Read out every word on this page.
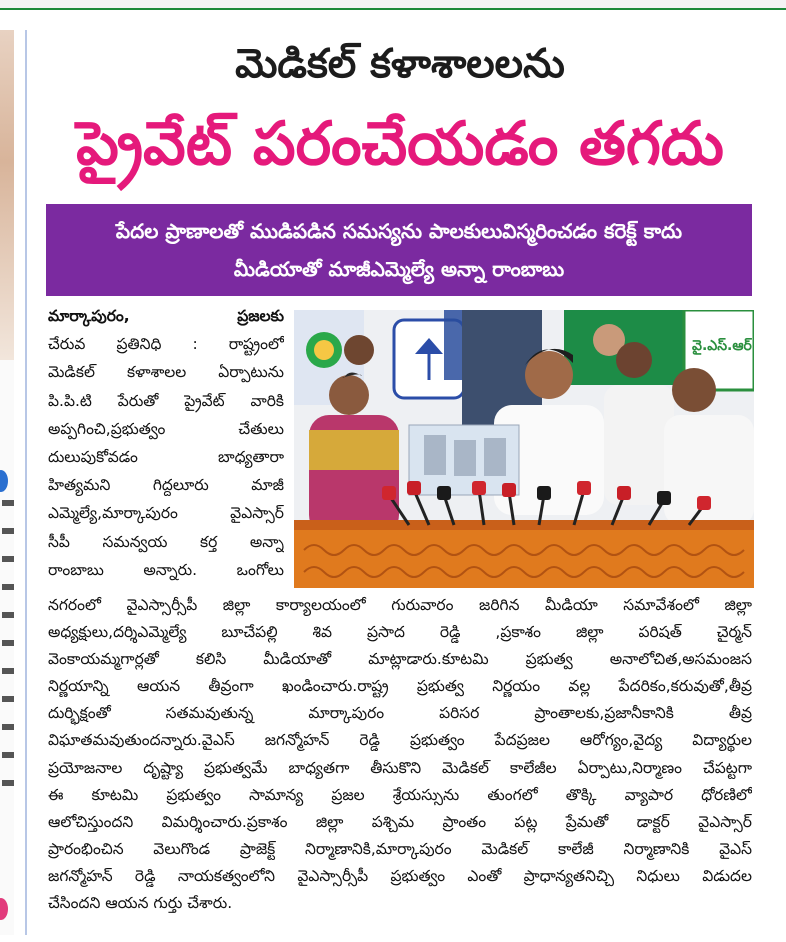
మెడికల్ కళాశాలలను
ప్రైవేట్ పరంచేయడం తగదు
పేదల ప్రాణాలతో ముడిపడిన సమస్యను పాలకులువిస్మరించడం కరెక్ట్ కాదు
మీడియాతో మాజీఎమ్మెల్యే అన్నా రాంబాబు
వై.ఎస్.ఆర్
మార్కాపురం, ప్రజలకు
చేరువ ప్రతినిధి : రాష్ట్రంలో
మెడికల్ కళాశాలల ఏర్పాటును
పి.పి.టి పేరుతో ప్రైవేట్ వారికి
అప్పగించి,ప్రభుత్వం చేతులు
దులుపుకోవడం బాధ్యతారా
హిత్యమని గిద్దలూరు మాజీ
ఎమ్మెల్యే,మార్కాపురం వైఎస్సార్
సీపీ సమన్వయ కర్త అన్నా
రాంబాబు అన్నారు. ఒంగోలు
నగరంలో వైఎస్సార్సీపీ జిల్లా కార్యాలయంలో గురువారం జరిగిన మీడియా సమావేశంలో జిల్లా
అధ్యక్షులు,దర్శిఎమ్మెల్యే బూచేపల్లి శివ ప్రసాద రెడ్డి ,ప్రకాశం జిల్లా పరిషత్ చైర్మన్
వెంకాయమ్మగార్లతో కలిసి మీడియాతో మాట్లాడారు.కూటమి ప్రభుత్వ అనాలోచిత,అసమంజస
నిర్ణయాన్ని ఆయన తీవ్రంగా ఖండించారు.రాష్ట్ర ప్రభుత్వ నిర్ణయం వల్ల పేదరికం,కరువుతో,తీవ్ర
దుర్భిక్షంతో సతమవుతున్న మార్కాపురం పరిసర ప్రాంతాలకు,ప్రజానీకానికి తీవ్ర
విఘాతమవుతుందన్నారు.వైఎస్ జగన్మోహన్ రెడ్డి ప్రభుత్వం పేదప్రజల ఆరోగ్యం,వైద్య విద్యార్థుల
ప్రయోజనాల దృష్ట్యా ప్రభుత్వమే బాధ్యతగా తీసుకొని మెడికల్ కాలేజీల ఏర్పాటు,నిర్మాణం చేపట్టగా
ఈ కూటమి ప్రభుత్వం సామాన్య ప్రజల శ్రేయస్సును తుంగలో తొక్కి వ్యాపార ధోరణిలో
ఆలోచిస్తుందని విమర్శించారు.ప్రకాశం జిల్లా పశ్చిమ ప్రాంతం పట్ల ప్రేమతో డాక్టర్ వైఎస్సార్
ప్రారంభించిన వెలుగొండ ప్రాజెక్ట్ నిర్మాణానికి,మార్కాపురం మెడికల్ కాలేజీ నిర్మాణానికి వైఎస్
జగన్మోహన్ రెడ్డి నాయకత్వంలోని వైఎస్సార్సీపీ ప్రభుత్వం ఎంతో ప్రాధాన్యతనిచ్చి నిధులు విడుదల
చేసిందని ఆయన గుర్తు చేశారు.
